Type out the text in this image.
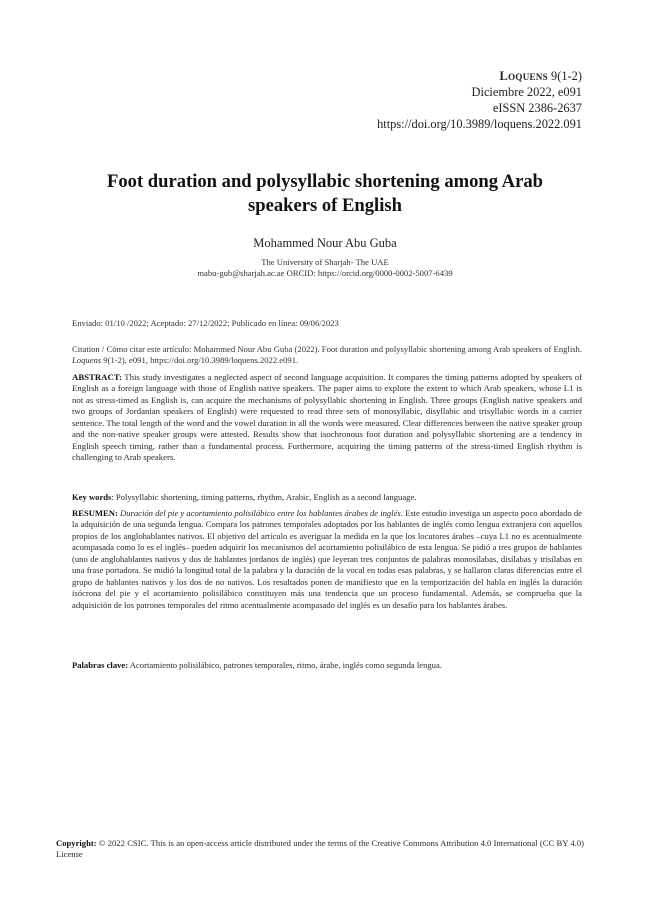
Loquens 9(1-2)
Diciembre 2022, e091
eISSN 2386-2637
https://doi.org/10.3989/loquens.2022.091
Foot duration and polysyllabic shortening among Arab
speakers of English
Mohammed Nour Abu Guba
The University of Sharjah- The UAE
mabu-gub@sharjah.ac.ae ORCID: https://orcid.org/0000-0002-5007-6439
Enviado: 01/10 /2022; Aceptado: 27/12/2022; Publicado en línea: 09/06/2023

Citation / Cómo citar este artículo: Mohammed Nour Abu Guba (2022). Foot duration and polysyllabic shortening among Arab speakers of English. Loquens 9(1-2), e091, https://doi.org/10.3989/loquens.2022.e091.

ABSTRACT: This study investigates a neglected aspect of second language acquisition. It compares the timing patterns adopted by speakers of English as a foreign language with those of English native speakers. The paper aims to explore the extent to which Arab speakers, whose L1 is not as stress-timed as English is, can acquire the mechanisms of polysyllabic shortening in English. Three groups (English native speakers and two groups of Jordanian speakers of English) were requested to read three sets of monosyllabic, disyllabic and trisyllabic words in a carrier sentence. The total length of the word and the vowel duration in all the words were measured. Clear differences between the native speaker group and the non-native speaker groups were attested. Results show that isochronous foot duration and polysyllabic shortening are a tendency in English speech timing, rather than a fundamental process. Furthermore, acquiring the timing patterns of the stress-timed English rhythm is challenging to Arab speakers.

Key words: Polysyllabic shortening, timing patterns, rhythm, Arabic, English as a second language.

RESUMEN: Duración del pie y acortamiento polisilábico entre los hablantes árabes de inglés. Este estudio investiga un aspecto poco abordado de la adquisición de una segunda lengua. Compara los patrones temporales adoptados por los hablantes de inglés como lengua extranjera con aquellos propios de los anglohablantes nativos. El objetivo del artículo es averiguar la medida en la que los locutores árabes –cuya L1 no es acentualmente acompasada como lo es el inglés– pueden adquirir los mecanismos del acortamiento polisilábico de esta lengua. Se pidió a tres grupos de hablantes (uno de anglohablantes nativos y dos de hablantes jordanos de inglés) que leyeran tres conjuntos de palabras monosílabas, disílabas y trisílabas en una frase portadora. Se midió la longitud total de la palabra y la duración de la vocal en todas esas palabras, y se hallaron claras diferencias entre el grupo de hablantes nativos y los dos de no nativos. Los resultados ponen de manifiesto que en la temporización del habla en inglés la duración isócrona del pie y el acortamiento polisilábico constituyen más una tendencia que un proceso fundamental. Además, se comprueba que la adquisición de los patrones temporales del ritmo acentualmente acompasado del inglés es un desafío para los hablantes árabes.

Palabras clave: Acortamiento polisilábico, patrones temporales, ritmo, árabe, inglés como segunda lengua.

Copyright: © 2022 CSIC. This is an open-access article distributed under the terms of the Creative Commons Attribution 4.0 International (CC BY 4.0) License
